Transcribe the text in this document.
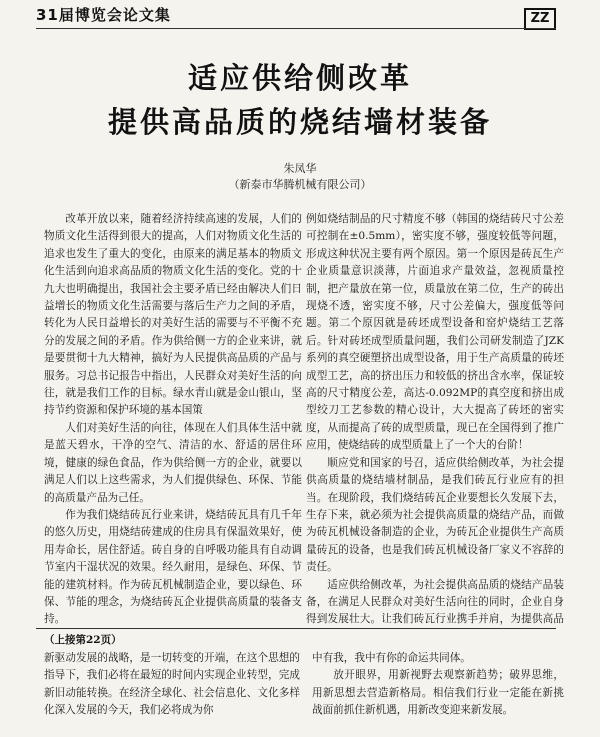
31届博览会论文集	ZZ
适应供给侧改革
提供高品质的烧结墙材装备
朱凤华
（新泰市华腾机械有限公司）

改革开放以来，随着经济持续高速的发展，人们的物质文化生活得到很大的提高，人们对物质文化生活的追求也发生了重大的变化，由原来的满足基本的物质文化生活到向追求高品质的物质文化生活的变化。党的十九大也明确提出，我国社会主要矛盾已经由解决人们日益增长的物质文化生活需要与落后生产力之间的矛盾，转化为人民日益增长的对美好生活的需要与不平衡不充分的发展之间的矛盾。作为供给侧一方的企业来讲，就是要贯彻十九大精神，搞好为人民提供高品质的产品与服务。习总书记报告中指出，人民群众对美好生活的向往，就是我们工作的目标。绿水青山就是金山银山，坚持节约资源和保护环境的基本国策

人们对美好生活的向往，体现在人们具体生活中就是蓝天碧水，干净的空气、清洁的水、舒适的居住环境，健康的绿色食品，作为供给侧一方的企业，就要以满足人们以上这些需求，为人们提供绿色、环保、节能的高质量产品为己任。

作为我们烧结砖瓦行业来讲，烧结砖瓦具有几千年的悠久历史，用烧结砖建成的住房具有保温效果好，使用寿命长，居住舒适。砖自身的自呼吸功能具有自动调节室内干湿状况的效果。经久耐用，是绿色、环保、节能的建筑材料。作为砖瓦机械制造企业，要以绿色、环保、节能的理念，为烧结砖瓦企业提供高质量的装备支持。

例如烧结制品的尺寸精度不够（韩国的烧结砖尺寸公差可控制在±0.5mm），密实度不够，强度较低等问题，形成这种状况主要有两个原因。第一个原因是砖瓦生产企业质量意识淡薄，片面追求产量效益，忽视质量控制，把产量放在第一位，质量放在第二位，生产的砖出现烧不透，密实度不够，尺寸公差偏大，强度低等问题。第二个原因就是砖坯成型设备和窑炉烧结工艺落后。针对砖坯成型质量问题，我们公司研发制造了JZK系列的真空硬塑挤出成型设备，用于生产高质量的砖坯成型工艺，高的挤出压力和较低的挤出含水率，保证较高的尺寸精度公差，高达-0.092MP的真空度和挤出成型绞刀工艺参数的精心设计，大大提高了砖坯的密实度，从而提高了砖的成型质量，现已在全国得到了推广应用，使烧结砖的成型质量上了一个大的台阶！

顺应党和国家的号召，适应供给侧改革，为社会提供高质量的烧结墙材制品，是我们砖瓦行业应有的担当。在现阶段，我们烧结砖瓦企业要想长久发展下去，生存下来，就必须为社会提供高质量的烧结产品，而做为砖瓦机械设备制造的企业，为砖瓦企业提供生产高质量砖瓦的设备，也是我们砖瓦机械设备厂家义不容辞的责任。

适应供给侧改革，为社会提供高品质的烧结产品装备，在满足人民群众对美好生活向往的同时，企业自身得到发展壮大。让我们砖瓦行业携手并肩，为提供高品

（上接第22页）

新驱动发展的战略，是一切转变的开端，在这个思想的指导下，我们必将在最短的时间内实现企业转型，完成新旧动能转换。在经济全球化、社会信息化、文化多样化深入发展的今天，我们必将成为你

中有我，我中有你的命运共同体。

放开眼界，用新视野去观察新趋势；破界思维，用新思想去营造新格局。相信我们行业一定能在新挑战面前抓住新机遇，用新改变迎来新发展。
